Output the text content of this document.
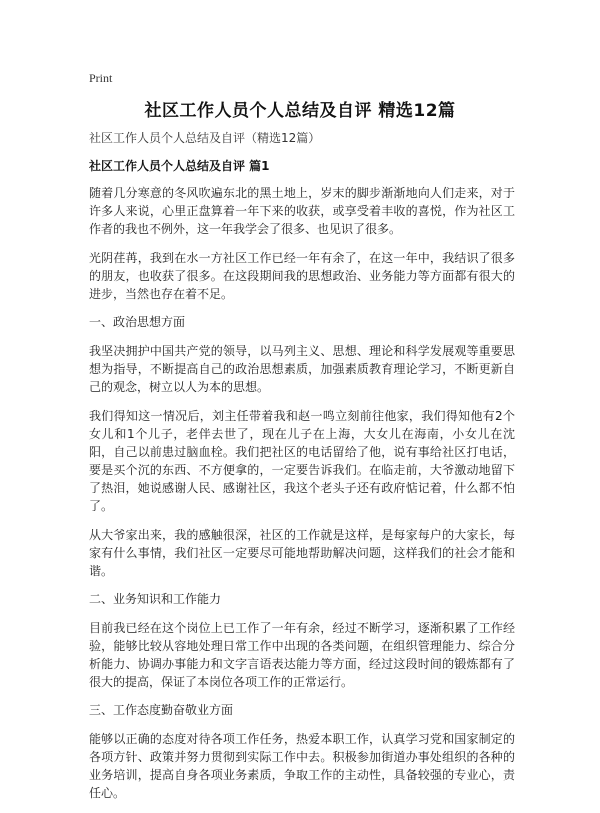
Print
社区工作人员个人总结及自评 精选12篇
社区工作人员个人总结及自评（精选12篇）
社区工作人员个人总结及自评 篇1

随着几分寒意的冬风吹遍东北的黑土地上，岁末的脚步渐渐地向人们走来，对于许多人来说，心里正盘算着一年下来的收获，或享受着丰收的喜悦，作为社区工作者的我也不例外，这一年我学会了很多、也见识了很多。

光阴荏苒，我到在水一方社区工作已经一年有余了，在这一年中，我结识了很多的朋友，也收获了很多。在这段期间我的思想政治、业务能力等方面都有很大的进步，当然也存在着不足。

一、政治思想方面

我坚决拥护中国共产党的领导，以马列主义、思想、理论和科学发展观等重要思想为指导，不断提高自己的政治思想素质，加强素质教育理论学习，不断更新自己的观念，树立以人为本的思想。

我们得知这一情况后，刘主任带着我和赵一鸣立刻前往他家，我们得知他有2个女儿和1个儿子，老伴去世了，现在儿子在上海，大女儿在海南，小女儿在沈阳，自己以前患过脑血栓。我们把社区的电话留给了他，说有事给社区打电话，要是买个沉的东西、不方便拿的，一定要告诉我们。在临走前，大爷激动地留下了热泪，她说感谢人民、感谢社区，我这个老头子还有政府惦记着，什么都不怕了。

从大爷家出来，我的感触很深，社区的工作就是这样，是每家每户的大家长，每家有什么事情，我们社区一定要尽可能地帮助解决问题，这样我们的社会才能和谐。

二、业务知识和工作能力

目前我已经在这个岗位上已工作了一年有余，经过不断学习，逐渐积累了工作经验，能够比较从容地处理日常工作中出现的各类问题，在组织管理能力、综合分析能力、协调办事能力和文字言语表达能力等方面，经过这段时间的锻炼都有了很大的提高，保证了本岗位各项工作的正常运行。

三、工作态度勤奋敬业方面

能够以正确的态度对待各项工作任务，热爱本职工作，认真学习党和国家制定的各项方针、政策并努力贯彻到实际工作中去。积极参加街道办事处组织的各种的业务培训，提高自身各项业务素质，争取工作的主动性，具备较强的专业心，责任心。
